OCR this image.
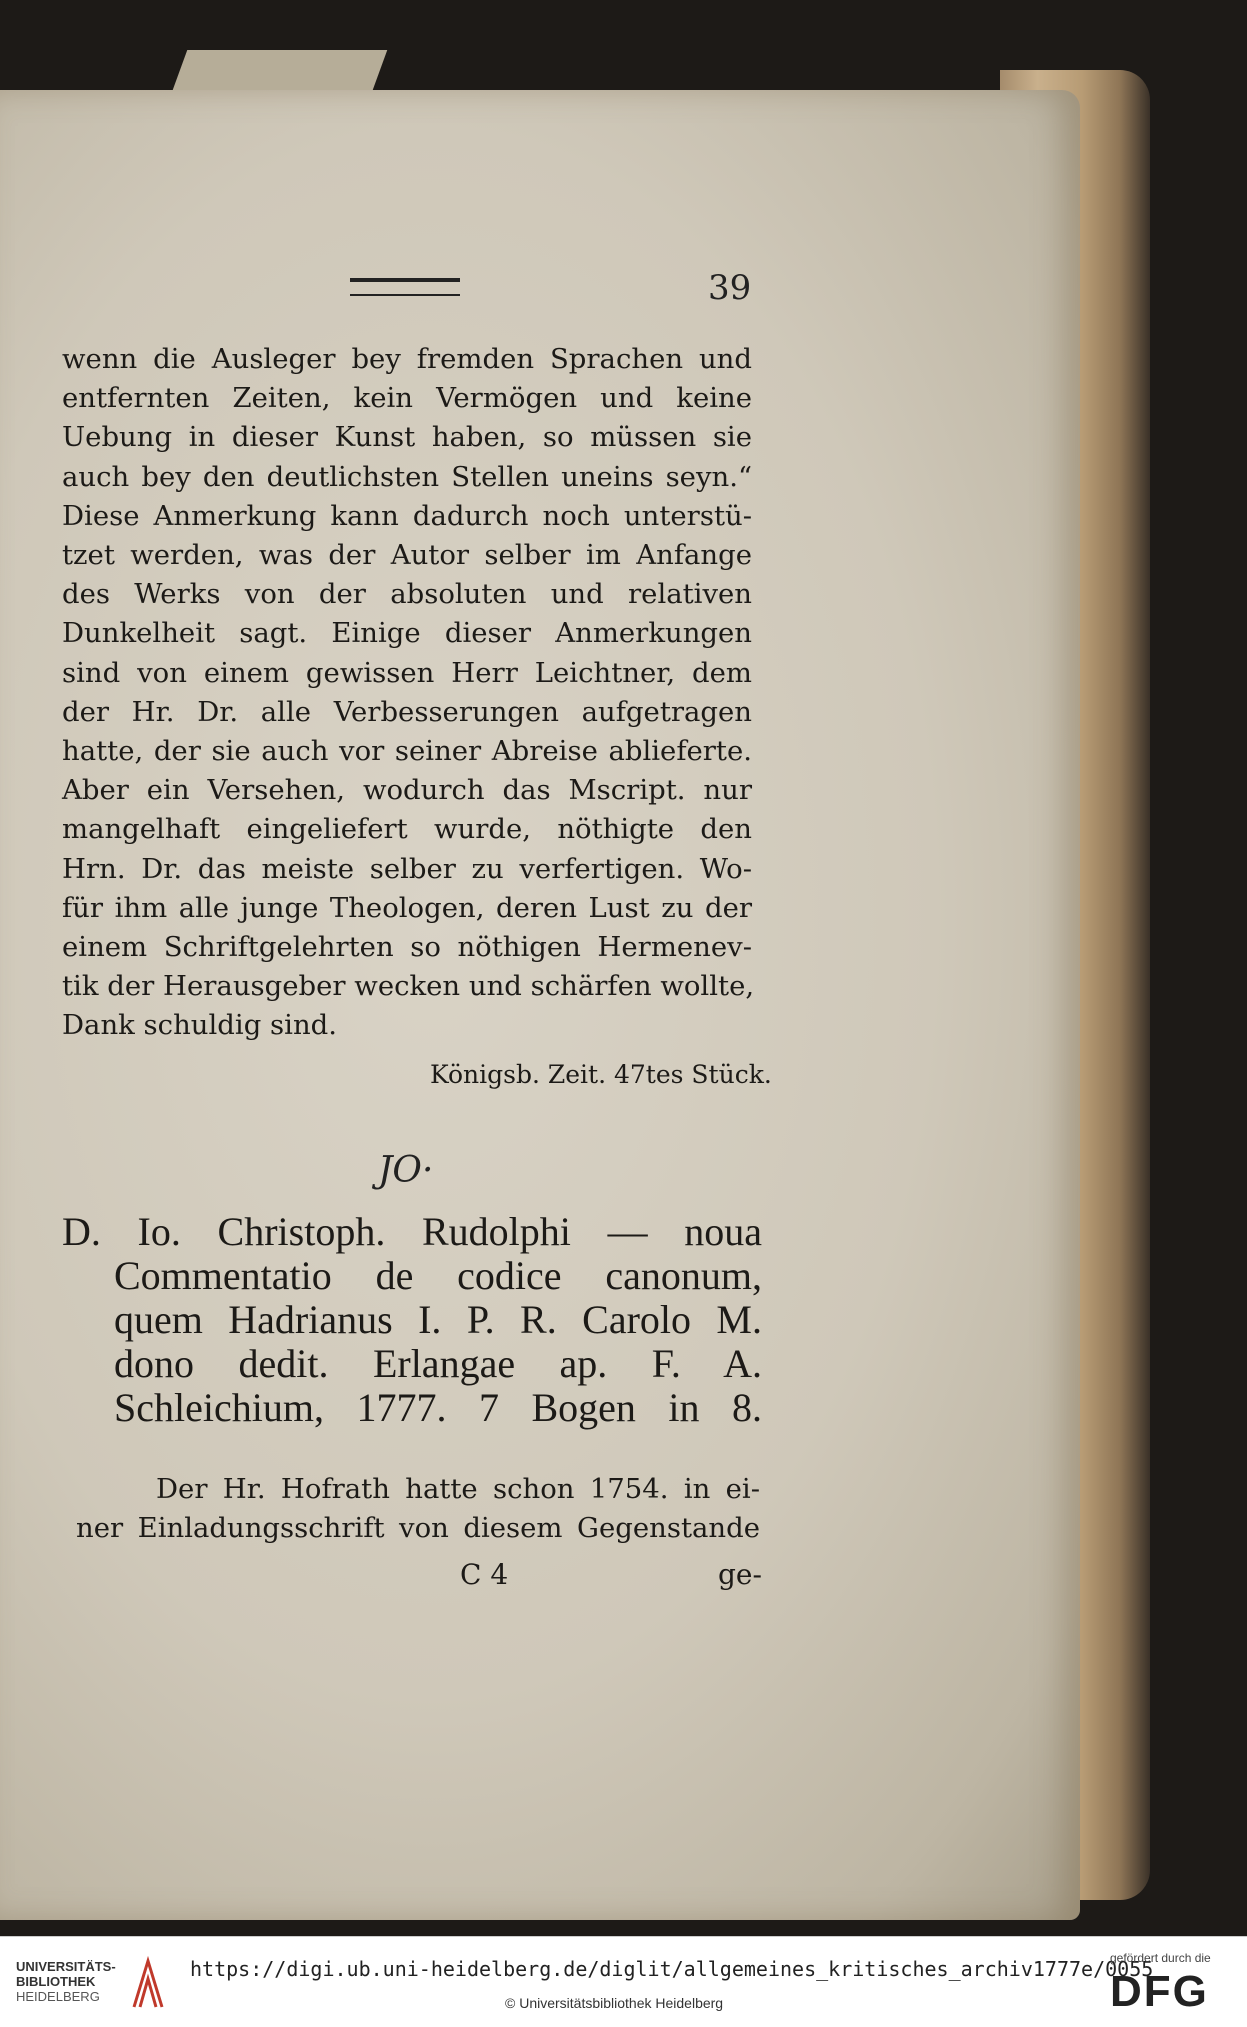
39
wenn die Ausleger bey fremden Sprachen und
entfernten Zeiten, kein Vermögen und keine
Uebung in dieser Kunst haben, so müssen sie
auch bey den deutlichsten Stellen uneins seyn.“
Diese Anmerkung kann dadurch noch unterstü-
tzet werden, was der Autor selber im Anfange
des Werks von der absoluten und relativen
Dunkelheit sagt. Einige dieser Anmerkungen
sind von einem gewissen Herr Leichtner, dem
der Hr. Dr. alle Verbesserungen aufgetragen
hatte, der sie auch vor seiner Abreise ablieferte.
Aber ein Versehen, wodurch das Mscript. nur
mangelhaft eingeliefert wurde, nöthigte den
Hrn. Dr. das meiste selber zu verfertigen. Wo-
für ihm alle junge Theologen, deren Lust zu der
einem Schriftgelehrten so nöthigen Hermenev-
tik der Herausgeber wecken und schärfen wollte,
Dank schuldig sind.
Königsb. Zeit. 47tes Stück.
JO·
D. Io. Christoph. Rudolphi — noua
Commentatio de codice canonum,
quem Hadrianus I. P. R. Carolo M.
dono dedit. Erlangae ap. F. A.
Schleichium, 1777. 7 Bogen in 8.
Der Hr. Hofrath hatte schon 1754. in ei-
ner Einladungsschrift von diesem Gegenstande
C 4	ge-
UNIVERSITÄTS-
BIBLIOTHEK
HEIDELBERG
https://digi.ub.uni-heidelberg.de/diglit/allgemeines_kritisches_archiv1777e/0055
© Universitätsbibliothek Heidelberg
gefördert durch die
DFG
